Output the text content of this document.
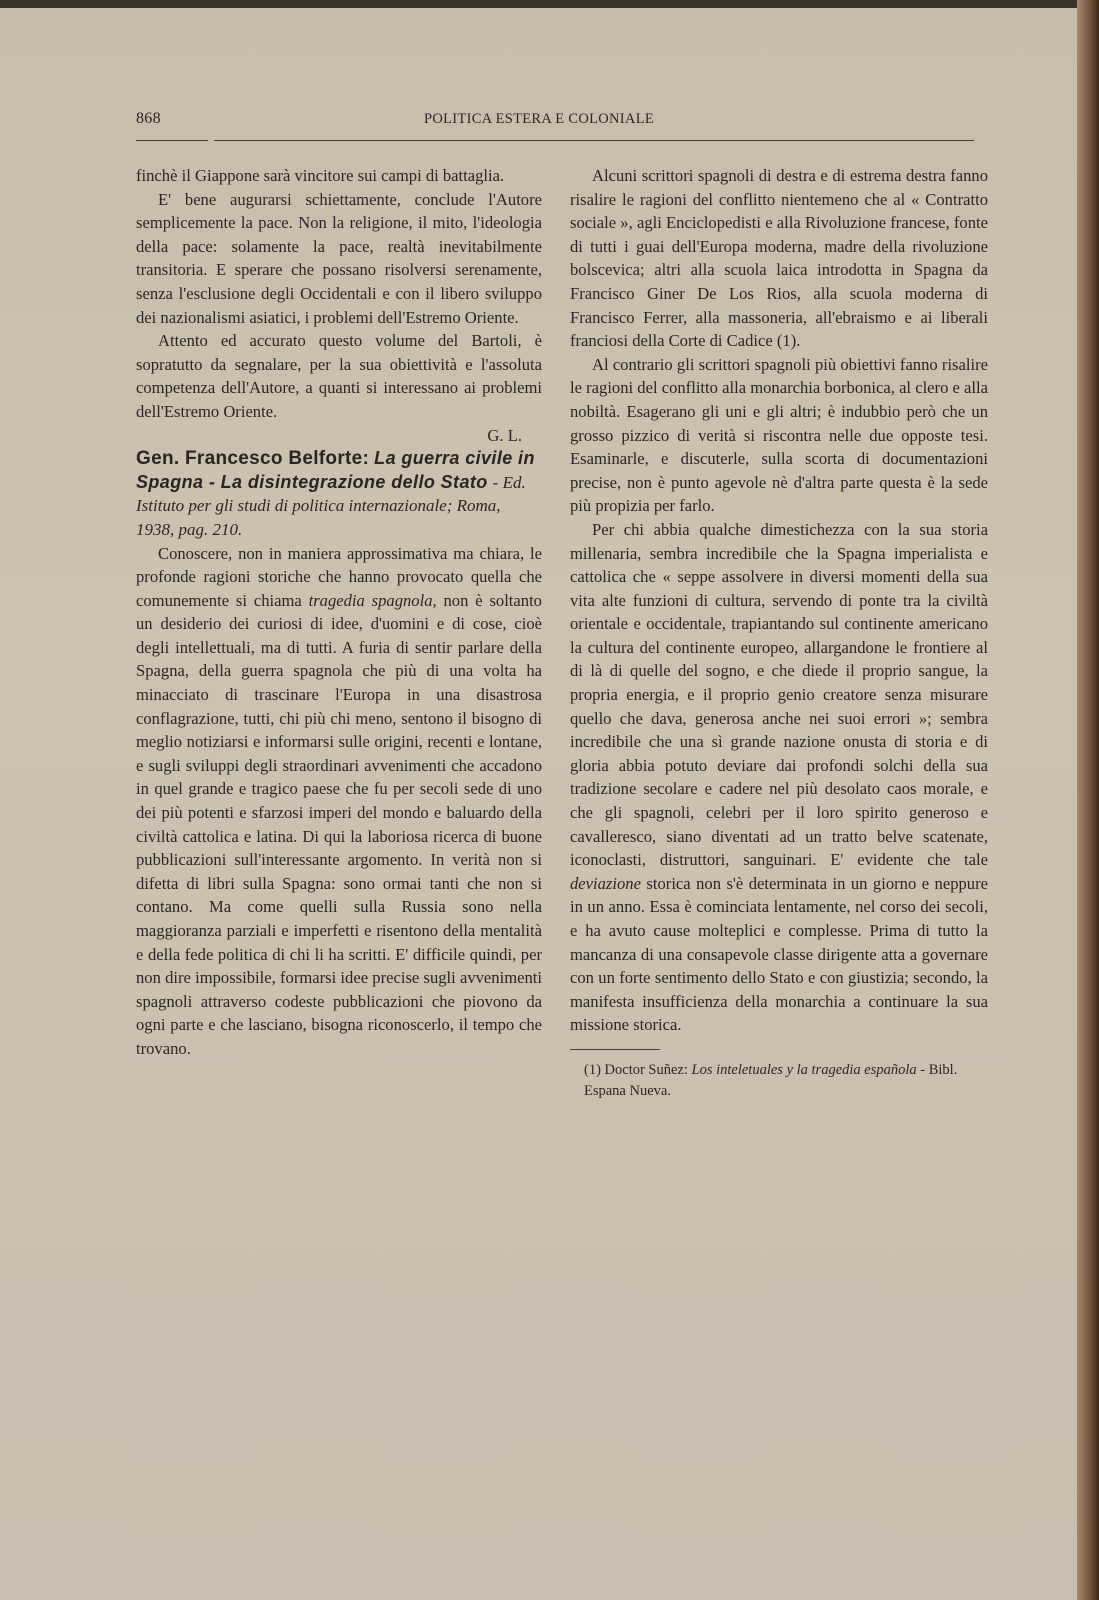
868	POLITICA ESTERA E COLONIALE

finchè il Giappone sarà vincitore sui campi di battaglia.

E' bene augurarsi schiettamente, conclude l'Autore semplicemente la pace. Non la religione, il mito, l'ideologia della pace: solamente la pace, realtà inevitabilmente transitoria. E sperare che possano risolversi serenamente, senza l'esclusione degli Occidentali e con il libero sviluppo dei nazionalismi asiatici, i problemi dell'Estremo Oriente.

Attento ed accurato questo volume del Bartoli, è sopratutto da segnalare, per la sua obiettività e l'assoluta competenza dell'Autore, a quanti si interessano ai problemi dell'Estremo Oriente.

G. L.

Gen. Francesco Belforte: La guerra civile in Spagna - La disintegrazione dello Stato - Ed. Istituto per gli studi di politica internazionale; Roma, 1938, pag. 210.

Conoscere, non in maniera approssimativa ma chiara, le profonde ragioni storiche che hanno provocato quella che comunemente si chiama tragedia spagnola, non è soltanto un desiderio dei curiosi di idee, d'uomini e di cose, cioè degli intellettuali, ma di tutti. A furia di sentir parlare della Spagna, della guerra spagnola che più di una volta ha minacciato di trascinare l'Europa in una disastrosa conflagrazione, tutti, chi più chi meno, sentono il bisogno di meglio notiziarsi e informarsi sulle origini, recenti e lontane, e sugli sviluppi degli straordinari avvenimenti che accadono in quel grande e tragico paese che fu per secoli sede di uno dei più potenti e sfarzosi imperi del mondo e baluardo della civiltà cattolica e latina. Di qui la laboriosa ricerca di buone pubblicazioni sull'interessante argomento. In verità non si difetta di libri sulla Spagna: sono ormai tanti che non si contano. Ma come quelli sulla Russia sono nella maggioranza parziali e imperfetti e risentono della mentalità e della fede politica di chi li ha scritti. E' difficile quindi, per non dire impossibile, formarsi idee precise sugli avvenimenti spagnoli attraverso codeste pubblicazioni che piovono da ogni parte e che lasciano, bisogna riconoscerlo, il tempo che trovano.

Alcuni scrittori spagnoli di destra e di estrema destra fanno risalire le ragioni del conflitto nientemeno che al « Contratto sociale », agli Enciclopedisti e alla Rivoluzione francese, fonte di tutti i guai dell'Europa moderna, madre della rivoluzione bolscevica; altri alla scuola laica introdotta in Spagna da Francisco Giner De Los Rios, alla scuola moderna di Francisco Ferrer, alla massoneria, all'ebraismo e ai liberali franciosi della Corte di Cadice (1).

Al contrario gli scrittori spagnoli più obiettivi fanno risalire le ragioni del conflitto alla monarchia borbonica, al clero e alla nobiltà. Esagerano gli uni e gli altri; è indubbio però che un grosso pizzico di verità si riscontra nelle due opposte tesi. Esaminarle, e discuterle, sulla scorta di documentazioni precise, non è punto agevole nè d'altra parte questa è la sede più propizia per farlo.

Per chi abbia qualche dimestichezza con la sua storia millenaria, sembra incredibile che la Spagna imperialista e cattolica che « seppe assolvere in diversi momenti della sua vita alte funzioni di cultura, servendo di ponte tra la civiltà orientale e occidentale, trapiantando sul continente americano la cultura del continente europeo, allargandone le frontiere al di là di quelle del sogno, e che diede il proprio sangue, la propria energia, e il proprio genio creatore senza misurare quello che dava, generosa anche nei suoi errori »; sembra incredibile che una sì grande nazione onusta di storia e di gloria abbia potuto deviare dai profondi solchi della sua tradizione secolare e cadere nel più desolato caos morale, e che gli spagnoli, celebri per il loro spirito generoso e cavalleresco, siano diventati ad un tratto belve scatenate, iconoclasti, distruttori, sanguinari. E' evidente che tale deviazione storica non s'è determinata in un giorno e neppure in un anno. Essa è cominciata lentamente, nel corso dei secoli, e ha avuto cause molteplici e complesse. Prima di tutto la mancanza di una consapevole classe dirigente atta a governare con un forte sentimento dello Stato e con giustizia; secondo, la manifesta insufficienza della monarchia a continuare la sua missione storica.

(1) Doctor Suñez: Los inteletuales y la tragedia española - Bibl. Espana Nueva.
